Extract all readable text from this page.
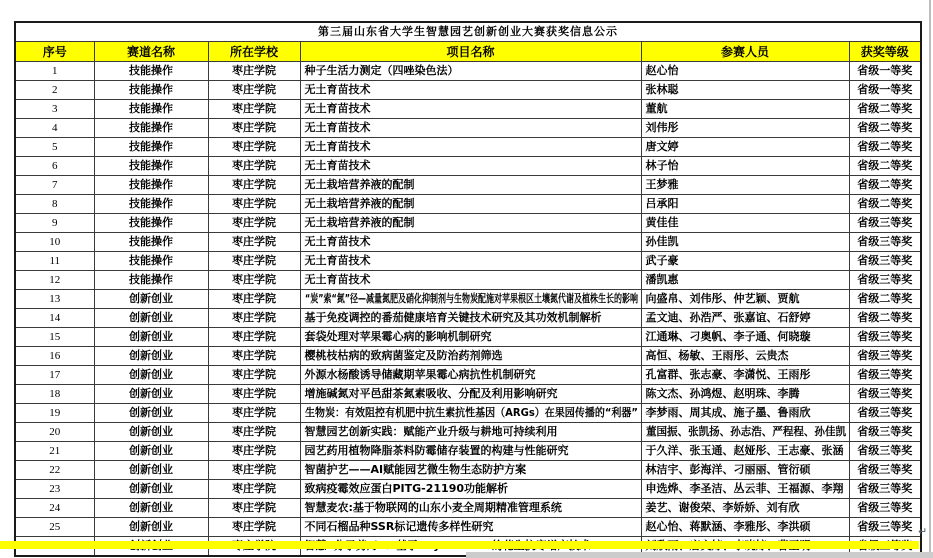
第三届山东省大学生智慧园艺创新创业大赛获奖信息公示					
序号	赛道名称	所在学校	项目名称	参赛人员	获奖等级
1	技能操作	枣庄学院	种子生活力测定（四唑染色法）	赵心怡	省级一等奖
2	技能操作	枣庄学院	无土育苗技术	张林聪	省级一等奖
3	技能操作	枣庄学院	无土育苗技术	董航	省级二等奖
4	技能操作	枣庄学院	无土育苗技术	刘伟彤	省级二等奖
5	技能操作	枣庄学院	无土育苗技术	唐文婷	省级二等奖
6	技能操作	枣庄学院	无土育苗技术	林子怡	省级二等奖
7	技能操作	枣庄学院	无土栽培营养液的配制	王梦雅	省级二等奖
8	技能操作	枣庄学院	无土栽培营养液的配制	吕承阳	省级二等奖
9	技能操作	枣庄学院	无土栽培营养液的配制	黄佳佳	省级三等奖
10	技能操作	枣庄学院	无土育苗技术	孙佳凯	省级三等奖
11	技能操作	枣庄学院	无土育苗技术	武子豪	省级三等奖
12	技能操作	枣庄学院	无土育苗技术	潘凯惠	省级三等奖
13	创新创业	枣庄学院	“炭”索“氮”径—减量氮肥及硝化抑制剂与生物炭配施对苹果根区土壤氮代谢及植株生长的影响	向盛帛、刘伟彤、仲艺颖、贾航	省级二等奖
14	创新创业	枣庄学院	基于免疫调控的番茄健康培育关键技术研究及其功效机制解析	孟文迪、孙浩严、张嘉谊、石舒婷	省级二等奖
15	创新创业	枣庄学院	套袋处理对苹果霉心病的影响机制研究	江通琳、刁奥帆、李子通、何晓璇	省级三等奖
16	创新创业	枣庄学院	樱桃枝枯病的致病菌鉴定及防治药剂筛选	高恒、杨敏、王雨彤、云贵杰	省级三等奖
17	创新创业	枣庄学院	外源水杨酸诱导储藏期苹果霉心病抗性机制研究	孔富群、张志豪、李潇悦、王雨彤	省级三等奖
18	创新创业	枣庄学院	增施碱氮对平邑甜茶氮素吸收、分配及利用影响研究	陈文杰、孙鸿煜、赵明珠、李腾	省级三等奖
19	创新创业	枣庄学院	生物炭：有效阻控有机肥中抗生素抗性基因（ARGs）在果园传播的“利器”	李梦雨、周其成、施子墨、鲁雨欣	省级三等奖
20	创新创业	枣庄学院	智慧园艺创新实践：赋能产业升级与耕地可持续利用	董国振、张凯扬、孙志浩、严程程、孙佳凯	省级三等奖
21	创新创业	枣庄学院	园艺药用植物降脂茶料防霉储存装置的构建与性能研究	于久洋、张玉通、赵娅彤、王志豪、张涵	省级三等奖
22	创新创业	枣庄学院	智菌护艺——AI赋能园艺微生物生态防护方案	林洁宇、彭海洋、刁丽丽、管衍硕	省级三等奖
23	创新创业	枣庄学院	致病疫霉效应蛋白PITG-21190功能解析	申选烨、李圣洁、丛云菲、王福源、李翔	省级三等奖
24	创新创业	枣庄学院	智慧麦农:基于物联网的山东小麦全周期精准管理系统	姜艺、谢俊荣、李娇娇、刘有欣	省级三等奖
25	创新创业	枣庄学院	不同石榴品种SSR标记遗传多样性研究	赵心怡、蒋默涵、李雅彤、李洪硕	省级三等奖
					↵
